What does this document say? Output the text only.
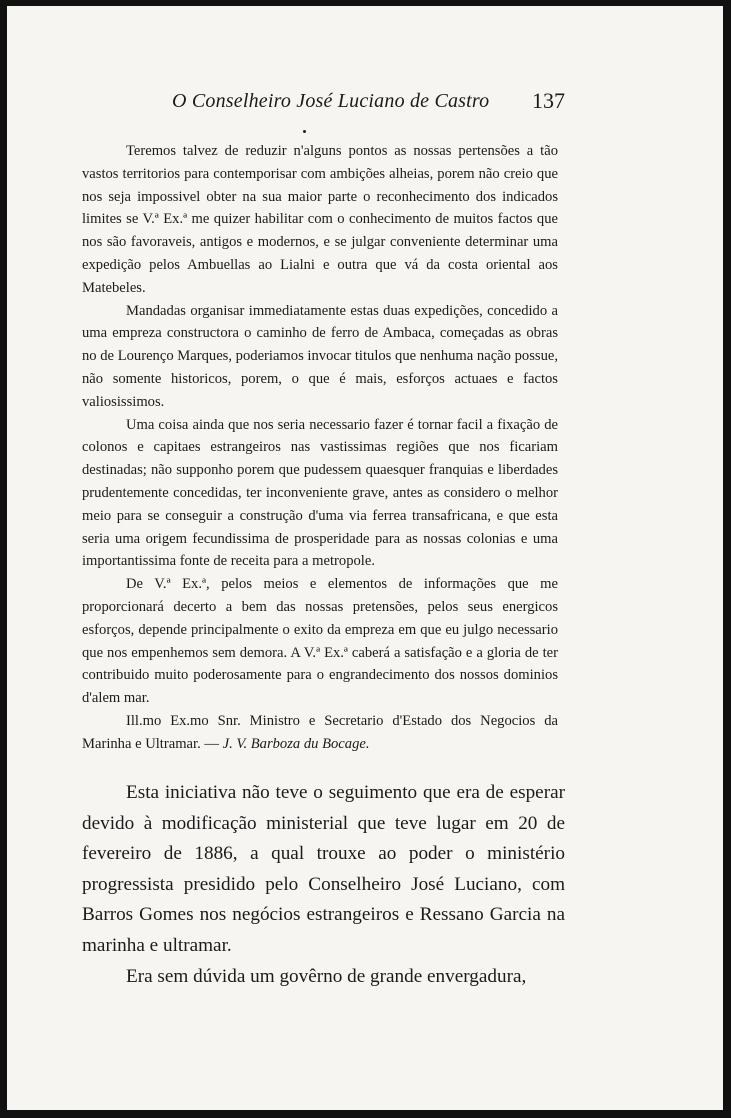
O Conselheiro José Luciano de Castro 137

Teremos talvez de reduzir n'alguns pontos as nossas pertensões a tão vastos territorios para contemporisar com ambições alheias, porem não creio que nos seja impossivel obter na sua maior parte o reconhecimento dos indicados limites se V.ª Ex.ª me quizer habilitar com o conhecimento de muitos factos que nos são favoraveis, antigos e modernos, e se julgar conveniente determinar uma expedição pelos Ambuellas ao Lialni e outra que vá da costa oriental aos Matebeles.

Mandadas organisar immediatamente estas duas expedições, concedido a uma empreza constructora o caminho de ferro de Ambaca, começadas as obras no de Lourenço Marques, poderiamos invocar titulos que nenhuma nação possue, não somente historicos, porem, o que é mais, esforços actuaes e factos valiosissimos.

Uma coisa ainda que nos seria necessario fazer é tornar facil a fixação de colonos e capitaes estrangeiros nas vastissimas regiões que nos ficariam destinadas; não supponho porem que pudessem quaesquer franquias e liberdades prudentemente concedidas, ter inconveniente grave, antes as considero o melhor meio para se conseguir a construção d'uma via ferrea transafricana, e que esta seria uma origem fecundissima de prosperidade para as nossas colonias e uma importantissima fonte de receita para a metropole.

De V.ª Ex.ª, pelos meios e elementos de informações que me proporcionará decerto a bem das nossas pretensões, pelos seus energicos esforços, depende principalmente o exito da empreza em que eu julgo necessario que nos empenhemos sem demora. A V.ª Ex.ª caberá a satisfação e a gloria de ter contribuido muito poderosamente para o engrandecimento dos nossos dominios d'alem mar.

Ill.mo Ex.mo Snr. Ministro e Secretario d'Estado dos Negocios da Marinha e Ultramar. — J. V. Barboza du Bocage.

Esta iniciativa não teve o seguimento que era de esperar devido à modificação ministerial que teve lugar em 20 de fevereiro de 1886, a qual trouxe ao poder o ministério progressista presidido pelo Conselheiro José Luciano, com Barros Gomes nos negócios estrangeiros e Ressano Garcia na marinha e ultramar.

Era sem dúvida um govêrno de grande envergadura,
